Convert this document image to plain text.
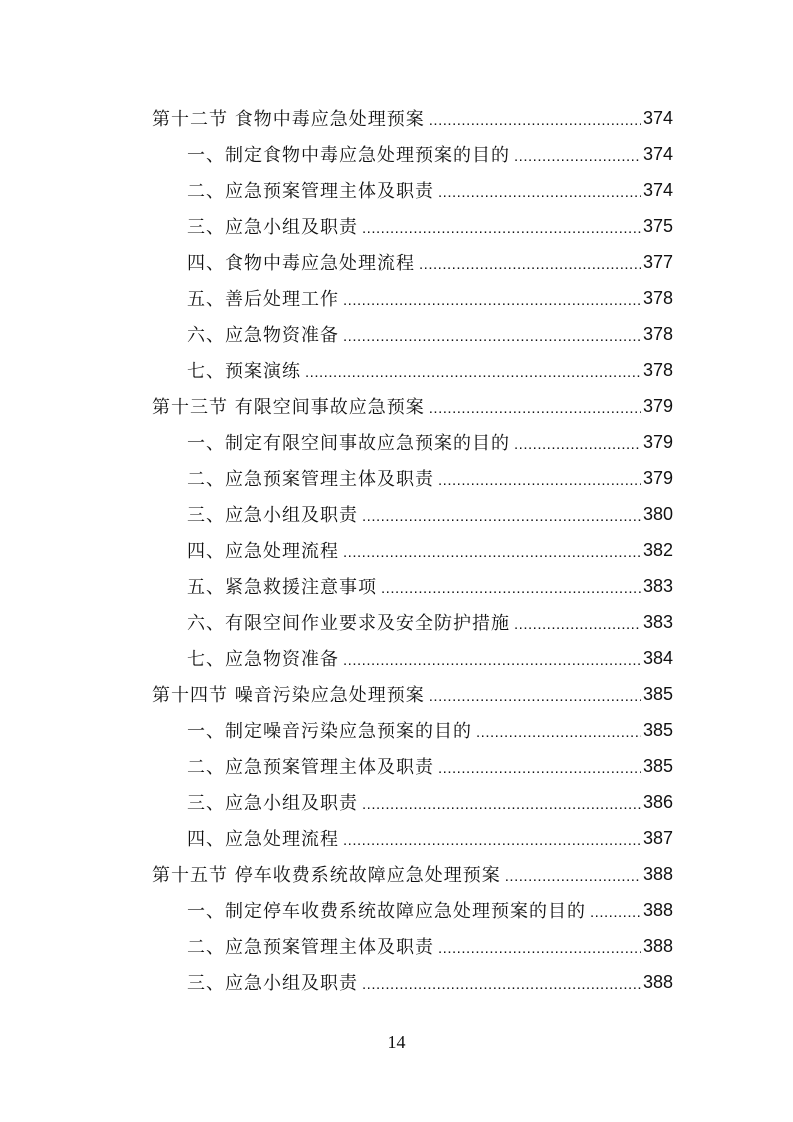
第十二节 食物中毒应急处理预案 .....	374
一、制定食物中毒应急处理预案的目的 .....	374
二、应急预案管理主体及职责 .....	374
三、应急小组及职责 .....	375
四、食物中毒应急处理流程 .....	377
五、善后处理工作 .....	378
六、应急物资准备 .....	378
七、预案演练 .....	378
第十三节 有限空间事故应急预案 .....	379
一、制定有限空间事故应急预案的目的 .....	379
二、应急预案管理主体及职责 .....	379
三、应急小组及职责 .....	380
四、应急处理流程 .....	382
五、紧急救援注意事项 .....	383
六、有限空间作业要求及安全防护措施 .....	383
七、应急物资准备 .....	384
第十四节 噪音污染应急处理预案 .....	385
一、制定噪音污染应急预案的目的 .....	385
二、应急预案管理主体及职责 .....	385
三、应急小组及职责 .....	386
四、应急处理流程 .....	387
第十五节 停车收费系统故障应急处理预案 .....	388
一、制定停车收费系统故障应急处理预案的目的 .....	388
二、应急预案管理主体及职责 .....	388
三、应急小组及职责 .....	388
14
